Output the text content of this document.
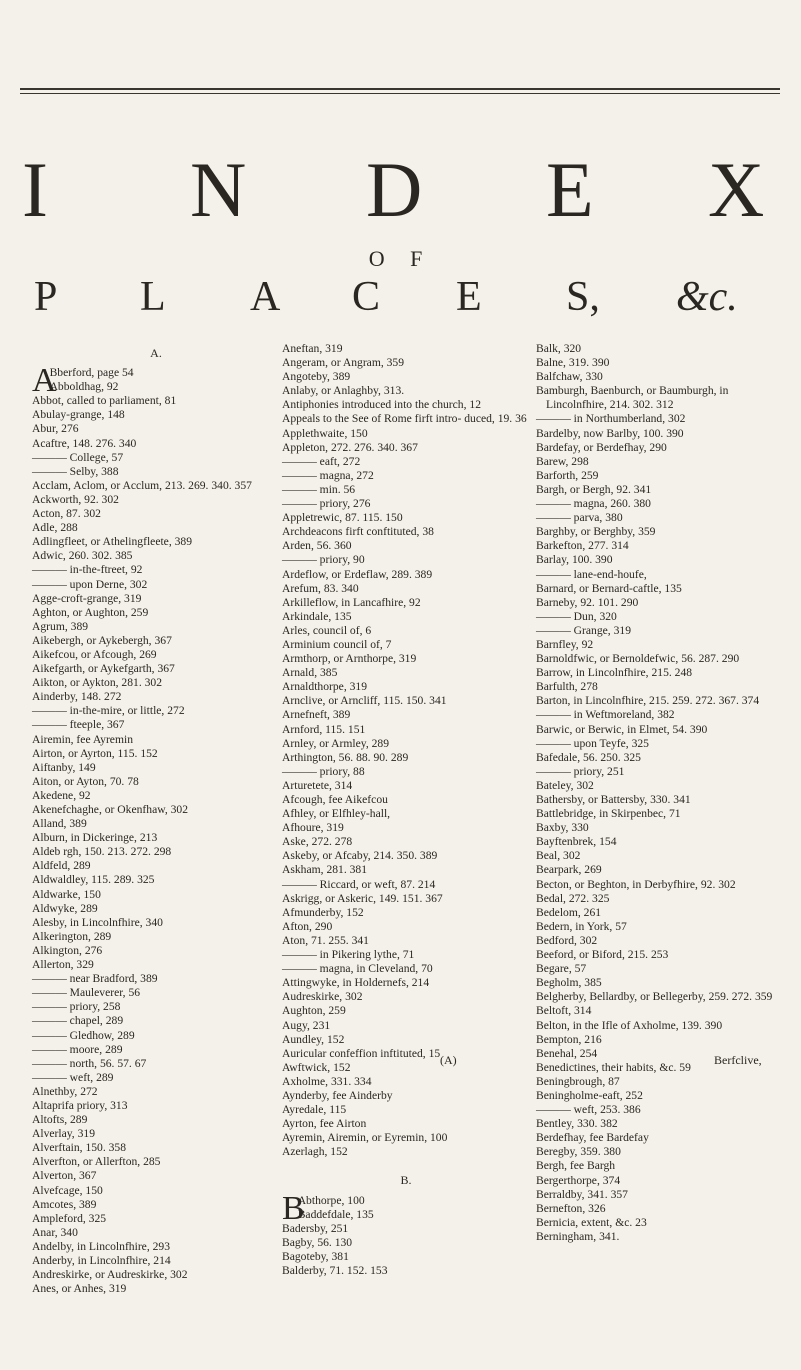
I N D E X
O F
P L A C E S, &c.
A.
A
Bberford, page 54
Abboldhag, 92
Abbot, called to parliament, 81
Abulay-grange, 148
Abur, 276
Acaftre, 148. 276. 340
——— College, 57
——— Selby, 388
Acclam, Aclom, or Acclum, 213. 269. 340. 357
Ackworth, 92. 302
Acton, 87. 302
Adle, 288
Adlingfleet, or Athelingfleete, 389
Adwic, 260. 302. 385
——— in-the-ftreet, 92
——— upon Derne, 302
Agge-croft-grange, 319
Aghton, or Aughton, 259
Agrum, 389
Aikebergh, or Aykebergh, 367
Aikefcou, or Afcough, 269
Aikefgarth, or Aykefgarth, 367
Aikton, or Aykton, 281. 302
Ainderby, 148. 272
——— in-the-mire, or little, 272
——— fteeple, 367
Airemin, fee Ayremin
Airton, or Ayrton, 115. 152
Aiftanby, 149
Aiton, or Ayton, 70. 78
Akedene, 92
Akenefchaghe, or Okenfhaw, 302
Alland, 389
Alburn, in Dickeringe, 213
Aldeb rgh, 150. 213. 272. 298
Aldfeld, 289
Aldwaldley, 115. 289. 325
Aldwarke, 150
Aldwyke, 289
Alesby, in Lincolnfhire, 340
Alkerington, 289
Alkington, 276
Allerton, 329
——— near Bradford, 389
——— Mauleverer, 56
——— priory, 258
——— chapel, 289
——— Gledhow, 289
——— moore, 289
——— north, 56. 57. 67
——— weft, 289
Alnethby, 272
Altaprifa priory, 313
Altofts, 289
Alverlay, 319
Alverftain, 150. 358
Alverfton, or Allerfton, 285
Alverton, 367
Alvefcage, 150
Amcotes, 389
Ampleford, 325
Anar, 340
Andelby, in Lincolnfhire, 293
Anderby, in Lincolnfhire, 214
Andreskirke, or Audreskirke, 302
Anes, or Anhes, 319
Aneftan, 319
Angeram, or Angram, 359
Angoteby, 389
Anlaby, or Anlaghby, 313.
Antiphonies introduced into the church, 12
Appeals to the See of Rome firft intro- duced, 19. 36
Applethwaite, 150
Appleton, 272. 276. 340. 367
——— eaft, 272
——— magna, 272
——— min. 56
——— priory, 276
Appletrewic, 87. 115. 150
Archdeacons firft conftituted, 38
Arden, 56. 360
——— priory, 90
Ardeflow, or Erdeflaw, 289. 389
Arefum, 83. 340
Arkilleflow, in Lancafhire, 92
Arkindale, 135
Arles, council of, 6
Arminium council of, 7
Armthorp, or Arnthorpe, 319
Arnald, 385
Arnaldthorpe, 319
Arnclive, or Arncliff, 115. 150. 341
Arnefneft, 389
Arnford, 115. 151
Arnley, or Armley, 289
Arthington, 56. 88. 90. 289
——— priory, 88
Arturetete, 314
Afcough, fee Aikefcou
Afhley, or Elfhley-hall,
Afhoure, 319
Aske, 272. 278
Askeby, or Afcaby, 214. 350. 389
Askham, 281. 381
——— Riccard, or weft, 87. 214
Askrigg, or Askeric, 149. 151. 367
Afmunderby, 152
Afton, 290
Aton, 71. 255. 341
——— in Pikering lythe, 71
——— magna, in Cleveland, 70
Attingwyke, in Holdernefs, 214
Audreskirke, 302
Aughton, 259
Augy, 231
Aundley, 152
Auricular confeffion inftituted, 15
Awftwick, 152
Axholme, 331. 334
Aynderby, fee Ainderby
Ayredale, 115
Ayrton, fee Airton
Ayremin, Airemin, or Eyremin, 100
Azerlagh, 152
B.
B
Abthorpe, 100
Baddefdale, 135
Badersby, 251
Bagby, 56. 130
Bagoteby, 381
Balderby, 71. 152. 153
Balk, 320
Balne, 319. 390
Balfchaw, 330
Bamburgh, Baenburch, or Baumburgh, in Lincolnfhire, 214. 302. 312
——— in Northumberland, 302
Bardelby, now Barlby, 100. 390
Bardefay, or Berdefhay, 290
Barew, 298
Barforth, 259
Bargh, or Bergh, 92. 341
——— magna, 260. 380
——— parva, 380
Barghby, or Berghby, 359
Barkefton, 277. 314
Barlay, 100. 390
——— lane-end-houfe,
Barnard, or Bernard-caftle, 135
Barneby, 92. 101. 290
——— Dun, 320
——— Grange, 319
Barnfley, 92
Barnoldfwic, or Bernoldefwic, 56. 287. 290
Barrow, in Lincolnfhire, 215. 248
Barfulth, 278
Barton, in Lincolnfhire, 215. 259. 272. 367. 374
——— in Weftmoreland, 382
Barwic, or Berwic, in Elmet, 54. 390
——— upon Teyfe, 325
Bafedale, 56. 250. 325
——— priory, 251
Bateley, 302
Bathersby, or Battersby, 330. 341
Battlebridge, in Skirpenbec, 71
Baxby, 330
Bayftenbrek, 154
Beal, 302
Bearpark, 269
Becton, or Beghton, in Derbyfhire, 92. 302
Bedal, 272. 325
Bedelom, 261
Bedern, in York, 57
Bedford, 302
Beeford, or Biford, 215. 253
Begare, 57
Begholm, 385
Belgherby, Bellardby, or Bellegerby, 259. 272. 359
Beltoft, 314
Belton, in the Ifle of Axholme, 139. 390
Bempton, 216
Benehal, 254
Benedictines, their habits, &c. 59
Beningbrough, 87
Beningholme-eaft, 252
——— weft, 253. 386
Bentley, 330. 382
Berdefhay, fee Bardefay
Beregby, 359. 380
Bergh, fee Bargh
Bergerthorpe, 374
Berraldby, 341. 357
Bernefton, 326
Bernicia, extent, &c. 23
Berningham, 341.
(A)	Berfclive,
